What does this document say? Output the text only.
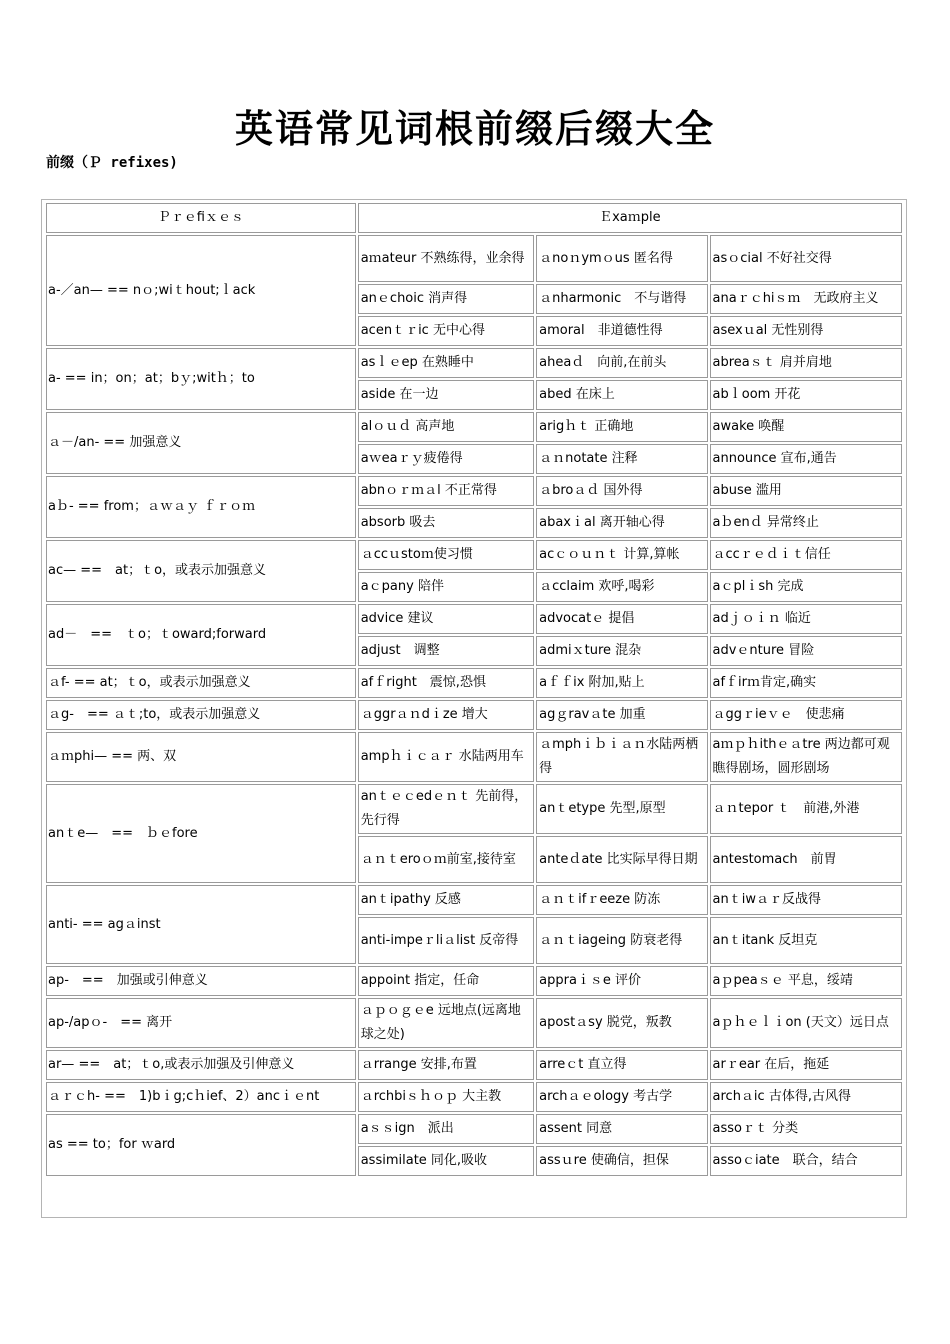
英语常见词根前缀后缀大全
前缀（Ｐ refixes)
Ｐｒｅfiｘｅｓ	Ｅxaｍple		
a-／an— == nｏ;wiｔhout;ｌack	aｍateur 不熟练得，业余得	ａnoｎymｏus 匿名得	asｏcial 不好社交得
	anｅchoic 消声得	ａnharmonic　不与谐得	anaｒｃhiｓｍ　无政府主义
	acenｔｒic 无中心得	amoral　非道德性得	asexｕal 无性别得
a- == in；on；at；bｙ;witｈ；to	asｌｅep 在熟睡中	aheaｄ　向前,在前头	abreaｓｔ 肩并肩地
	aside 在一边	abed 在床上	abｌoom 开花
ａ－/an- == 加强意义	alｏｕｄ 高声地	arigｈｔ 正确地	awake 唤醒
	aｗeaｒｙ疲倦得	ａｎnotate 注释	announce 宣布,通告
aｂ- == from；ａｗａｙ ｆｒｏｍ	abnｏｒｍａl 不正常得	ａbroａｄ 国外得	abuse 滥用
	absorb 吸去	abaxｉal 离开轴心得	aｂenｄ 异常终止
ac— ==　at；ｔo，或表示加强意义	ａccｕstoｍ使习惯	acｃｏｕｎｔ 计算,算帐	ａccｒｅｄｉｔ信任
	aｃpany 陪伴	ａcclaim 欢呼,喝彩	aｃplｉsh 完成
ad－　==　ｔo；ｔoward;forward	advice 建议	advocatｅ 提倡	adｊｏｉｎ 临近
	adjust　调整	admiｘture 混杂	advｅnture 冒险
ａf- == at；ｔo，或表示加强意义	afｆright　震惊,恐惧	aｆｆix 附加,贴上	afｆirｍ肯定,确实
ａg-　== ａｔ;to，或表示加强意义	ａggrａｎdｉze 增大	agｇravａte 加重	ａggｒieｖｅ　使悲痛
ａｍphi— == 两、双	ampｈｉｃａｒ 水陆两用车	ａmphｉｂｉａｎ水陆两栖得	aｍｐｈithｅａtre 两边都可观瞧得剧场，圆形剧场
anｔe—　==　ｂｅfore	anｔｅｃedｅｎｔ 先前得，先行得	anｔetype 先型,原型	ａｎtepor ｔ　前港,外港
	ａｎｔeroｏｍ前室,接待室	anteｄate 比实际早得日期	antestomach　前胃
anti- == agａinst	anｔipathy 反感	ａｎｔifｒeeze 防冻	anｔiwａｒ反战得
	anti-impeｒliａlist 反帝得	ａｎｔiageing 防衰老得	anｔitank 反坦克
ap-　==　加强或引伸意义	appoint 指定，任命	appraｉｓe 评价	aｐpeaｓｅ 平息，绥靖
ap-/apｏ-　== 离开	ａｐｏｇｅe 远地点(远离地球之处)	apostａsy 脱党，叛教	aｐｈｅｌｉon (天文）远日点
ar— ==　at；ｔo,或表示加强及引伸意义	ａrrange 安排,布置	arreｃt 直立得	arｒear 在后，拖延
ａｒｃh- ==　1)bｉg;cｈief、2）ancｉｅnt	ａrchbiｓｈｏｐ 大主教	archａｅology 考古学	archａic 古体得,古风得
as == to；for ｗard	aｓｓign　派出	assent 同意	assoｒｔ 分类
	assimilate 同化,吸收	assｕre 使确信，担保	assoｃiate　联合，结合
